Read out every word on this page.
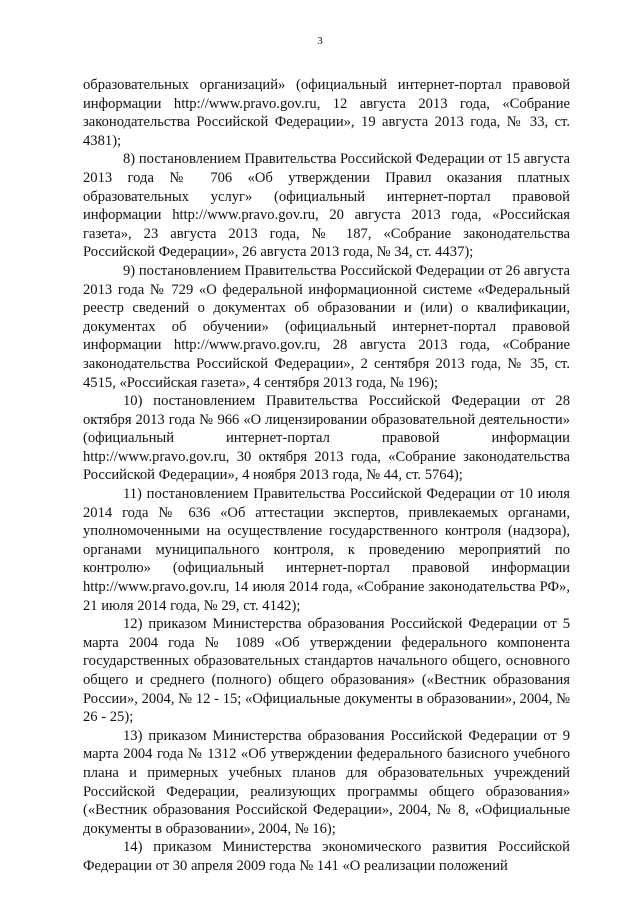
3

образовательных организаций» (официальный интернет-портал правовой информации http://www.pravo.gov.ru, 12 августа 2013 года, «Собрание законодательства Российской Федерации», 19 августа 2013 года, № 33, ст. 4381);

8) постановлением Правительства Российской Федерации от 15 августа 2013 года № 706 «Об утверждении Правил оказания платных образовательных услуг» (официальный интернет-портал правовой информации http://www.pravo.gov.ru, 20 августа 2013 года, «Российская газета», 23 августа 2013 года, № 187, «Собрание законодательства Российской Федерации», 26 августа 2013 года, № 34, ст. 4437);

9) постановлением Правительства Российской Федерации от 26 августа 2013 года № 729 «О федеральной информационной системе «Федеральный реестр сведений о документах об образовании и (или) о квалификации, документах об обучении» (официальный интернет-портал правовой информации http://www.pravo.gov.ru, 28 августа 2013 года, «Собрание законодательства Российской Федерации», 2 сентября 2013 года, № 35, ст. 4515, «Российская газета», 4 сентября 2013 года, № 196);

10) постановлением Правительства Российской Федерации от 28 октября 2013 года № 966 «О лицензировании образовательной деятельности» (официальный интернет-портал правовой информации http://www.pravo.gov.ru, 30 октября 2013 года, «Собрание законодательства Российской Федерации», 4 ноября 2013 года, № 44, ст. 5764);

11) постановлением Правительства Российской Федерации от 10 июля 2014 года № 636 «Об аттестации экспертов, привлекаемых органами, уполномоченными на осуществление государственного контроля (надзора), органами муниципального контроля, к проведению мероприятий по контролю» (официальный интернет-портал правовой информации http://www.pravo.gov.ru, 14 июля 2014 года, «Собрание законодательства РФ», 21 июля 2014 года, № 29, ст. 4142);

12) приказом Министерства образования Российской Федерации от 5 марта 2004 года № 1089 «Об утверждении федерального компонента государственных образовательных стандартов начального общего, основного общего и среднего (полного) общего образования» («Вестник образования России», 2004, № 12 - 15; «Официальные документы в образовании», 2004, № 26 - 25);

13) приказом Министерства образования Российской Федерации от 9 марта 2004 года № 1312 «Об утверждении федерального базисного учебного плана и примерных учебных планов для образовательных учреждений Российской Федерации, реализующих программы общего образования» («Вестник образования Российской Федерации», 2004, № 8, «Официальные документы в образовании», 2004, № 16);

14) приказом Министерства экономического развития Российской Федерации от 30 апреля 2009 года № 141 «О реализации положений
